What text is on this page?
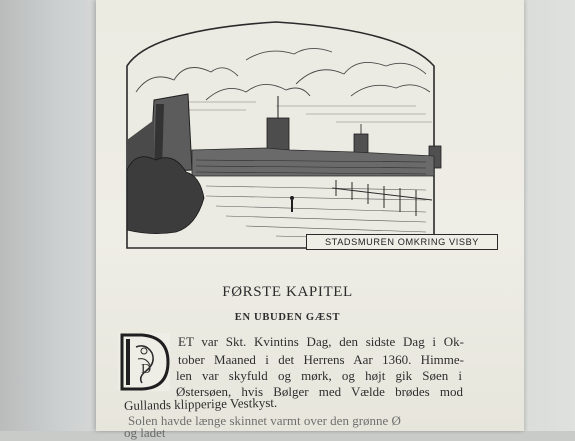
STADSMUREN OMKRING VISBY
FØRSTE KAPITEL
EN UBUDEN GÆST
D
ET var Skt. Kvintins Dag, den sidste Dag i Ok-
tober Maaned i det Herrens Aar 1360. Himme-
len var skyfuld og mørk, og højt gik Søen i
Østersøen, hvis Bølger med Vælde brødes mod
Gullands klipperige Vestkyst.
Solen havde længe skinnet varmt over den grønne Ø
og ladet
